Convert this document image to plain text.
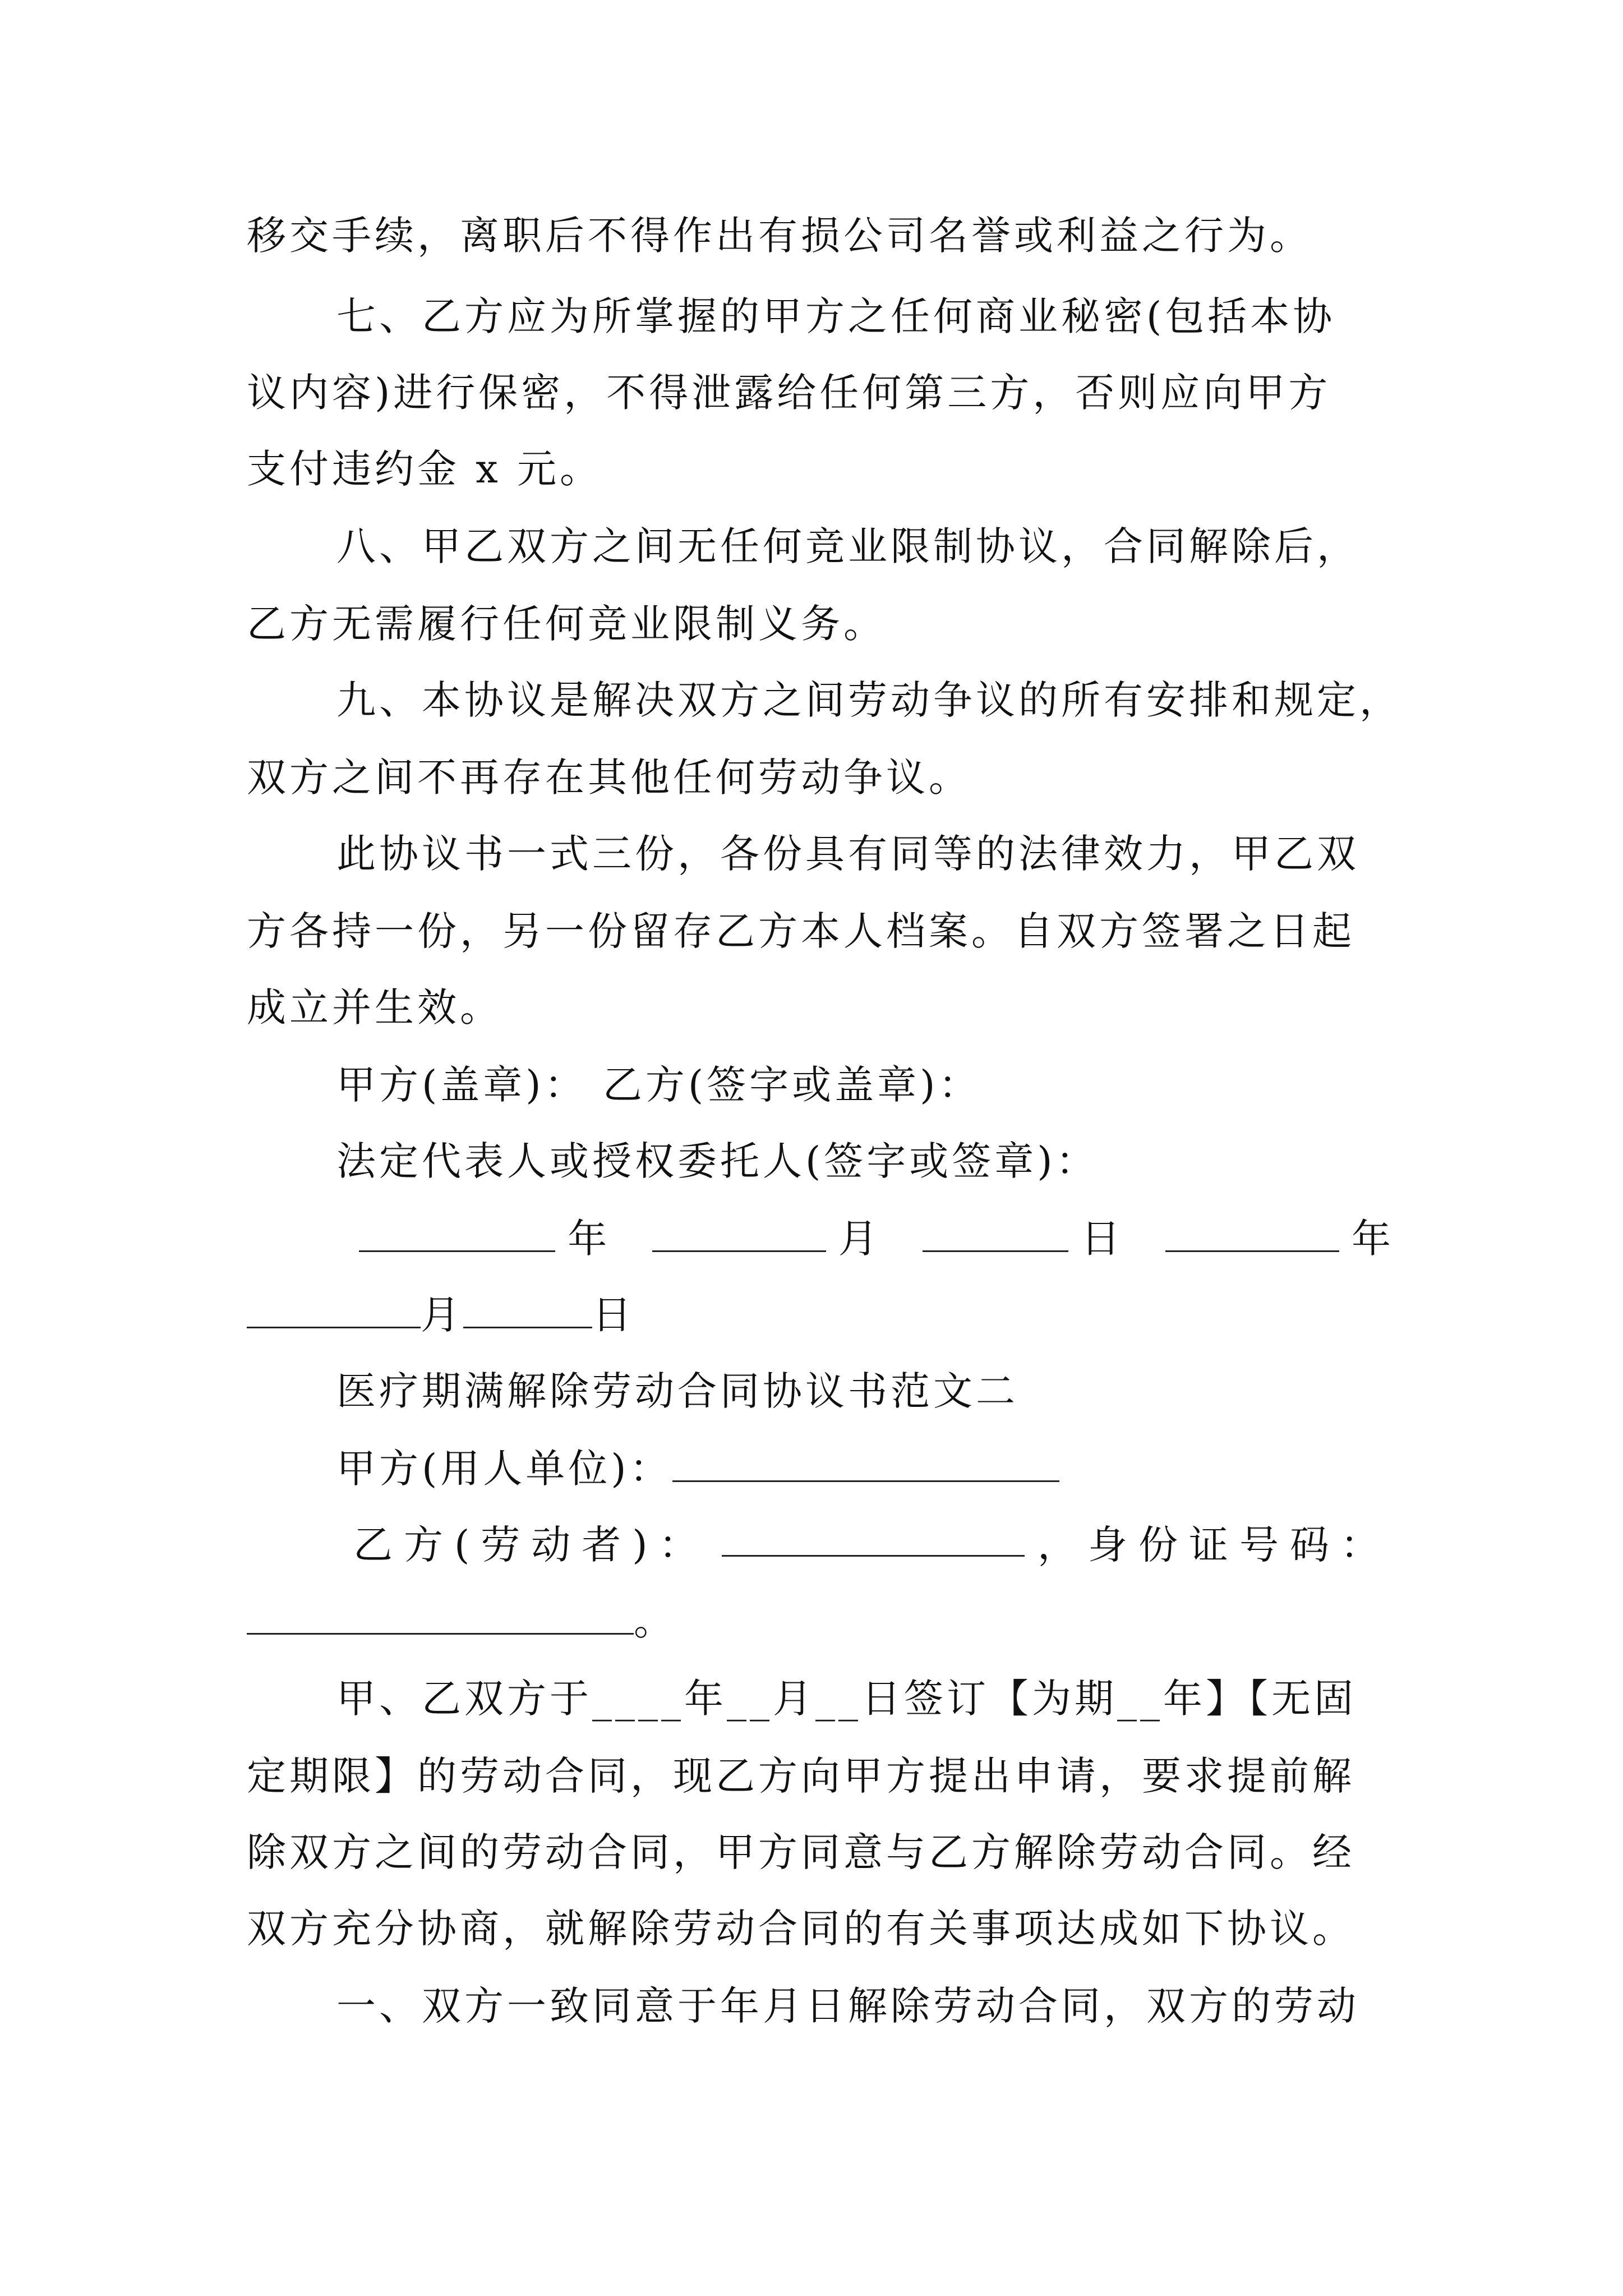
移交手续，离职后不得作出有损公司名誉或利益之行为。
七、乙方应为所掌握的甲方之任何商业秘密(包括本协
议内容)进行保密，不得泄露给任何第三方，否则应向甲方
支付违约金 x 元。
八、甲乙双方之间无任何竞业限制协议，合同解除后，
乙方无需履行任何竞业限制义务。
九、本协议是解决双方之间劳动争议的所有安排和规定，
双方之间不再存在其他任何劳动争议。
此协议书一式三份，各份具有同等的法律效力，甲乙双
方各持一份，另一份留存乙方本人档案。自双方签署之日起
成立并生效。
甲方(盖章)： 乙方(签字或盖章)：
法定代表人或授权委托人(签字或签章)：
年	月	日	年
月	日
医疗期满解除劳动合同协议书范文二
甲方(用人单位)：
乙方(劳动者)：	，身份证号码：
。
甲、乙双方于____年__月__日签订【为期__年】【无固
定期限】的劳动合同，现乙方向甲方提出申请，要求提前解
除双方之间的劳动合同，甲方同意与乙方解除劳动合同。经
双方充分协商，就解除劳动合同的有关事项达成如下协议。
一、双方一致同意于年月日解除劳动合同，双方的劳动
